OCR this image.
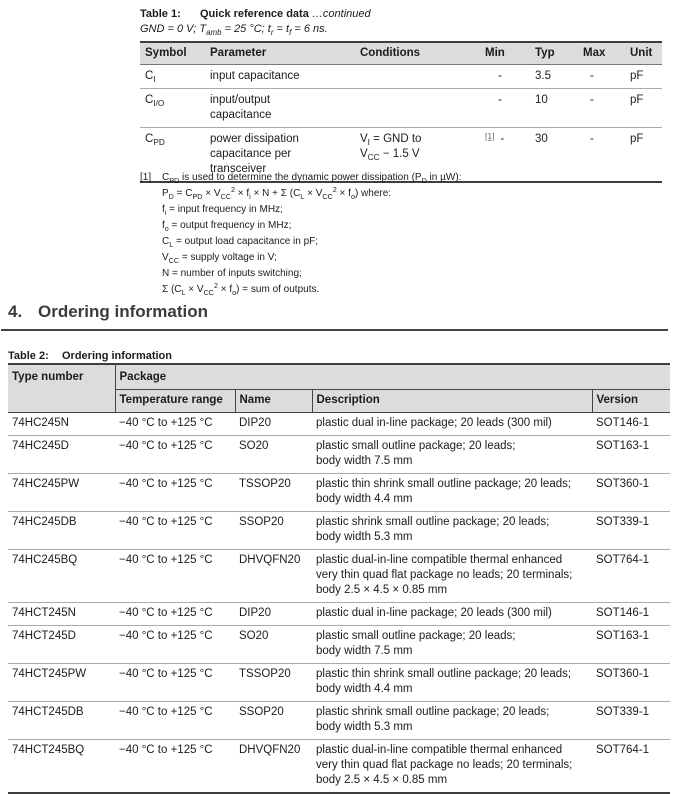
Table 1: Quick reference data …continued
GND = 0 V; $T_{amb} = 25$ °C; $t_r = t_f = 6$ ns.
Symbol	Parameter	Conditions	Min	Typ	Max	Unit
$C_I$	input capacitance		-	3.5	-	pF
$C_{I/O}$	input/output capacitance		-	10	-	pF
$C_{PD}$	power dissipation capacitance per transceiver	$V_I$ = GND to
$V_{CC} - 1.5$ V	[1] -	30	-	pF
[1]	$C_{PD}$ is used to determine the dynamic power dissipation ($P_D$ in µW):
$P_D = C_{PD} \times V_{CC}^2 \times f_i \times N + \Sigma$ $(C_L \times V_{CC}^2 \times f_o)$ where:
$f_i$ = input frequency in MHz;
$f_o$ = output frequency in MHz;
$C_L$ = output load capacitance in pF;
$V_{CC}$ = supply voltage in V;
N = number of inputs switching;
Σ $(C_L \times V_{CC}^2 \times f_o)$ = sum of outputs.
4. Ordering information
Table 2: Ordering information
Type number	Package			
	Temperature range	Name	Description	Version
74HC245N	−40 °C to +125 °C	DIP20	plastic dual in-line package; 20 leads (300 mil)	SOT146-1
74HC245D	−40 °C to +125 °C	SO20	plastic small outline package; 20 leads;
body width 7.5 mm	SOT163-1
74HC245PW	−40 °C to +125 °C	TSSOP20	plastic thin shrink small outline package; 20 leads;
body width 4.4 mm	SOT360-1
74HC245DB	−40 °C to +125 °C	SSOP20	plastic shrink small outline package; 20 leads;
body width 5.3 mm	SOT339-1
74HC245BQ	−40 °C to +125 °C	DHVQFN20	plastic dual-in-line compatible thermal enhanced
very thin quad flat package no leads; 20 terminals;
body 2.5 × 4.5 × 0.85 mm	SOT764-1
74HCT245N	−40 °C to +125 °C	DIP20	plastic dual in-line package; 20 leads (300 mil)	SOT146-1
74HCT245D	−40 °C to +125 °C	SO20	plastic small outline package; 20 leads;
body width 7.5 mm	SOT163-1
74HCT245PW	−40 °C to +125 °C	TSSOP20	plastic thin shrink small outline package; 20 leads;
body width 4.4 mm	SOT360-1
74HCT245DB	−40 °C to +125 °C	SSOP20	plastic shrink small outline package; 20 leads;
body width 5.3 mm	SOT339-1
74HCT245BQ	−40 °C to +125 °C	DHVQFN20	plastic dual-in-line compatible thermal enhanced
very thin quad flat package no leads; 20 terminals;
body 2.5 × 4.5 × 0.85 mm	SOT764-1
